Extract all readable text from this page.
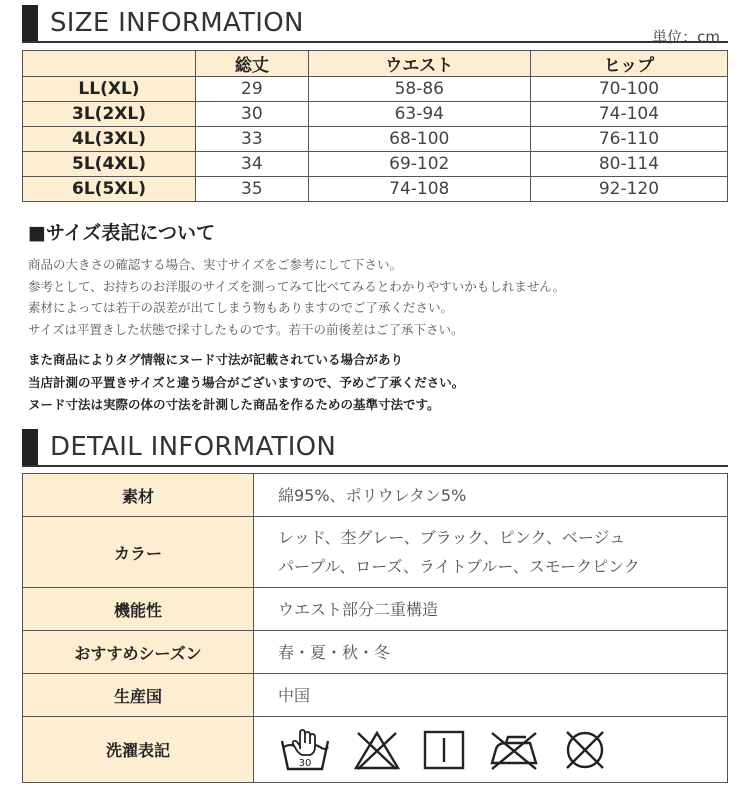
SIZE INFORMATION	単位：cm
	総丈	ウエスト	ヒップ
LL(XL)	29	58-86	70-100
3L(2XL)	30	63-94	74-104
4L(3XL)	33	68-100	76-110
5L(4XL)	34	69-102	80-114
6L(5XL)	35	74-108	92-120
■サイズ表記について
商品の大きさの確認する場合、実寸サイズをご参考にして下さい。
参考として、お持ちのお洋服のサイズを測ってみて比べてみるとわかりやすいかもしれません。
素材によっては若干の誤差が出てしまう物もありますのでご了承ください。
サイズは平置きした状態で採寸したものです。若干の前後差はご了承下さい。
また商品によりタグ情報にヌード寸法が記載されている場合があり
当店計測の平置きサイズと違う場合がございますので、予めご了承ください。
ヌード寸法は実際の体の寸法を計測した商品を作るための基準寸法です。
DETAIL INFORMATION
素材	綿95%、ポリウレタン5%

カラー	レッド、杢グレー、ブラック、ピンク、ベージュ
パープル、ローズ、ライトブルー、スモークピンク

機能性	ウエスト部分二重構造

おすすめシーズン	春・夏・秋・冬

生産国	中国

洗濯表記	30
